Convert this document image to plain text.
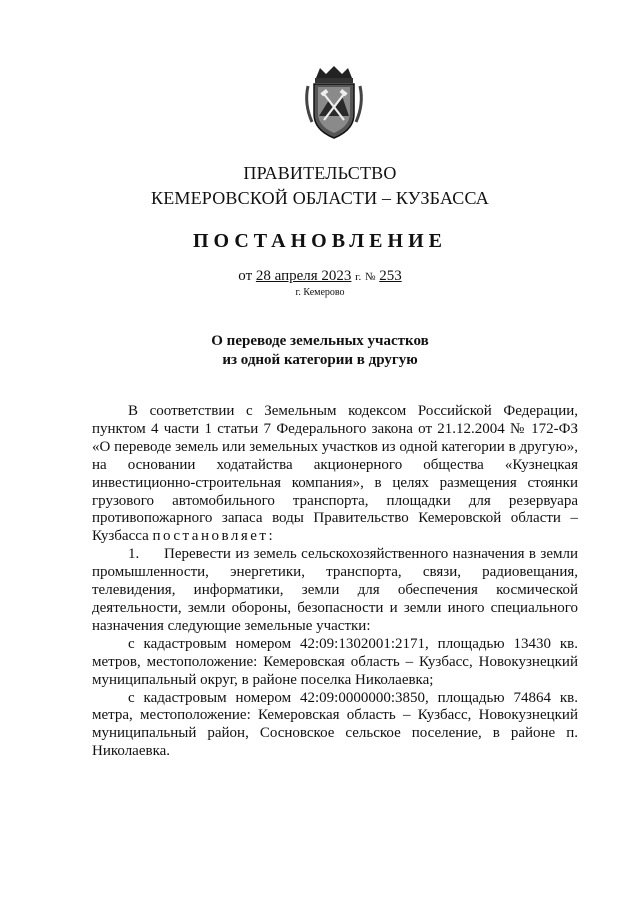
ПРАВИТЕЛЬСТВО
КЕМЕРОВСКОЙ ОБЛАСТИ – КУЗБАССА
ПОСТАНОВЛЕНИЕ
от 28 апреля 2023 г. № 253
г. Кемерово
О переводе земельных участков
из одной категории в другую

В соответствии с Земельным кодексом Российской Федерации, пунктом 4 части 1 статьи 7 Федерального закона от 21.12.2004 № 172-ФЗ «О переводе земель или земельных участков из одной категории в другую», на основании ходатайства акционерного общества «Кузнецкая инвестиционно-строительная компания», в целях размещения стоянки грузового автомобильного транспорта, площадки для резервуара противопожарного запаса воды Правительство Кемеровской области – Кузбасса постановляет:

1. Перевести из земель сельскохозяйственного назначения в земли промышленности, энергетики, транспорта, связи, радиовещания, телевидения, информатики, земли для обеспечения космической деятельности, земли обороны, безопасности и земли иного специального назначения следующие земельные участки:

с кадастровым номером 42:09:1302001:2171, площадью 13430 кв. метров, местоположение: Кемеровская область – Кузбасс, Новокузнецкий муниципальный округ, в районе поселка Николаевка;

с кадастровым номером 42:09:0000000:3850, площадью 74864 кв. метра, местоположение: Кемеровская область – Кузбасс, Новокузнецкий муниципальный район, Сосновское сельское поселение, в районе п. Николаевка.
